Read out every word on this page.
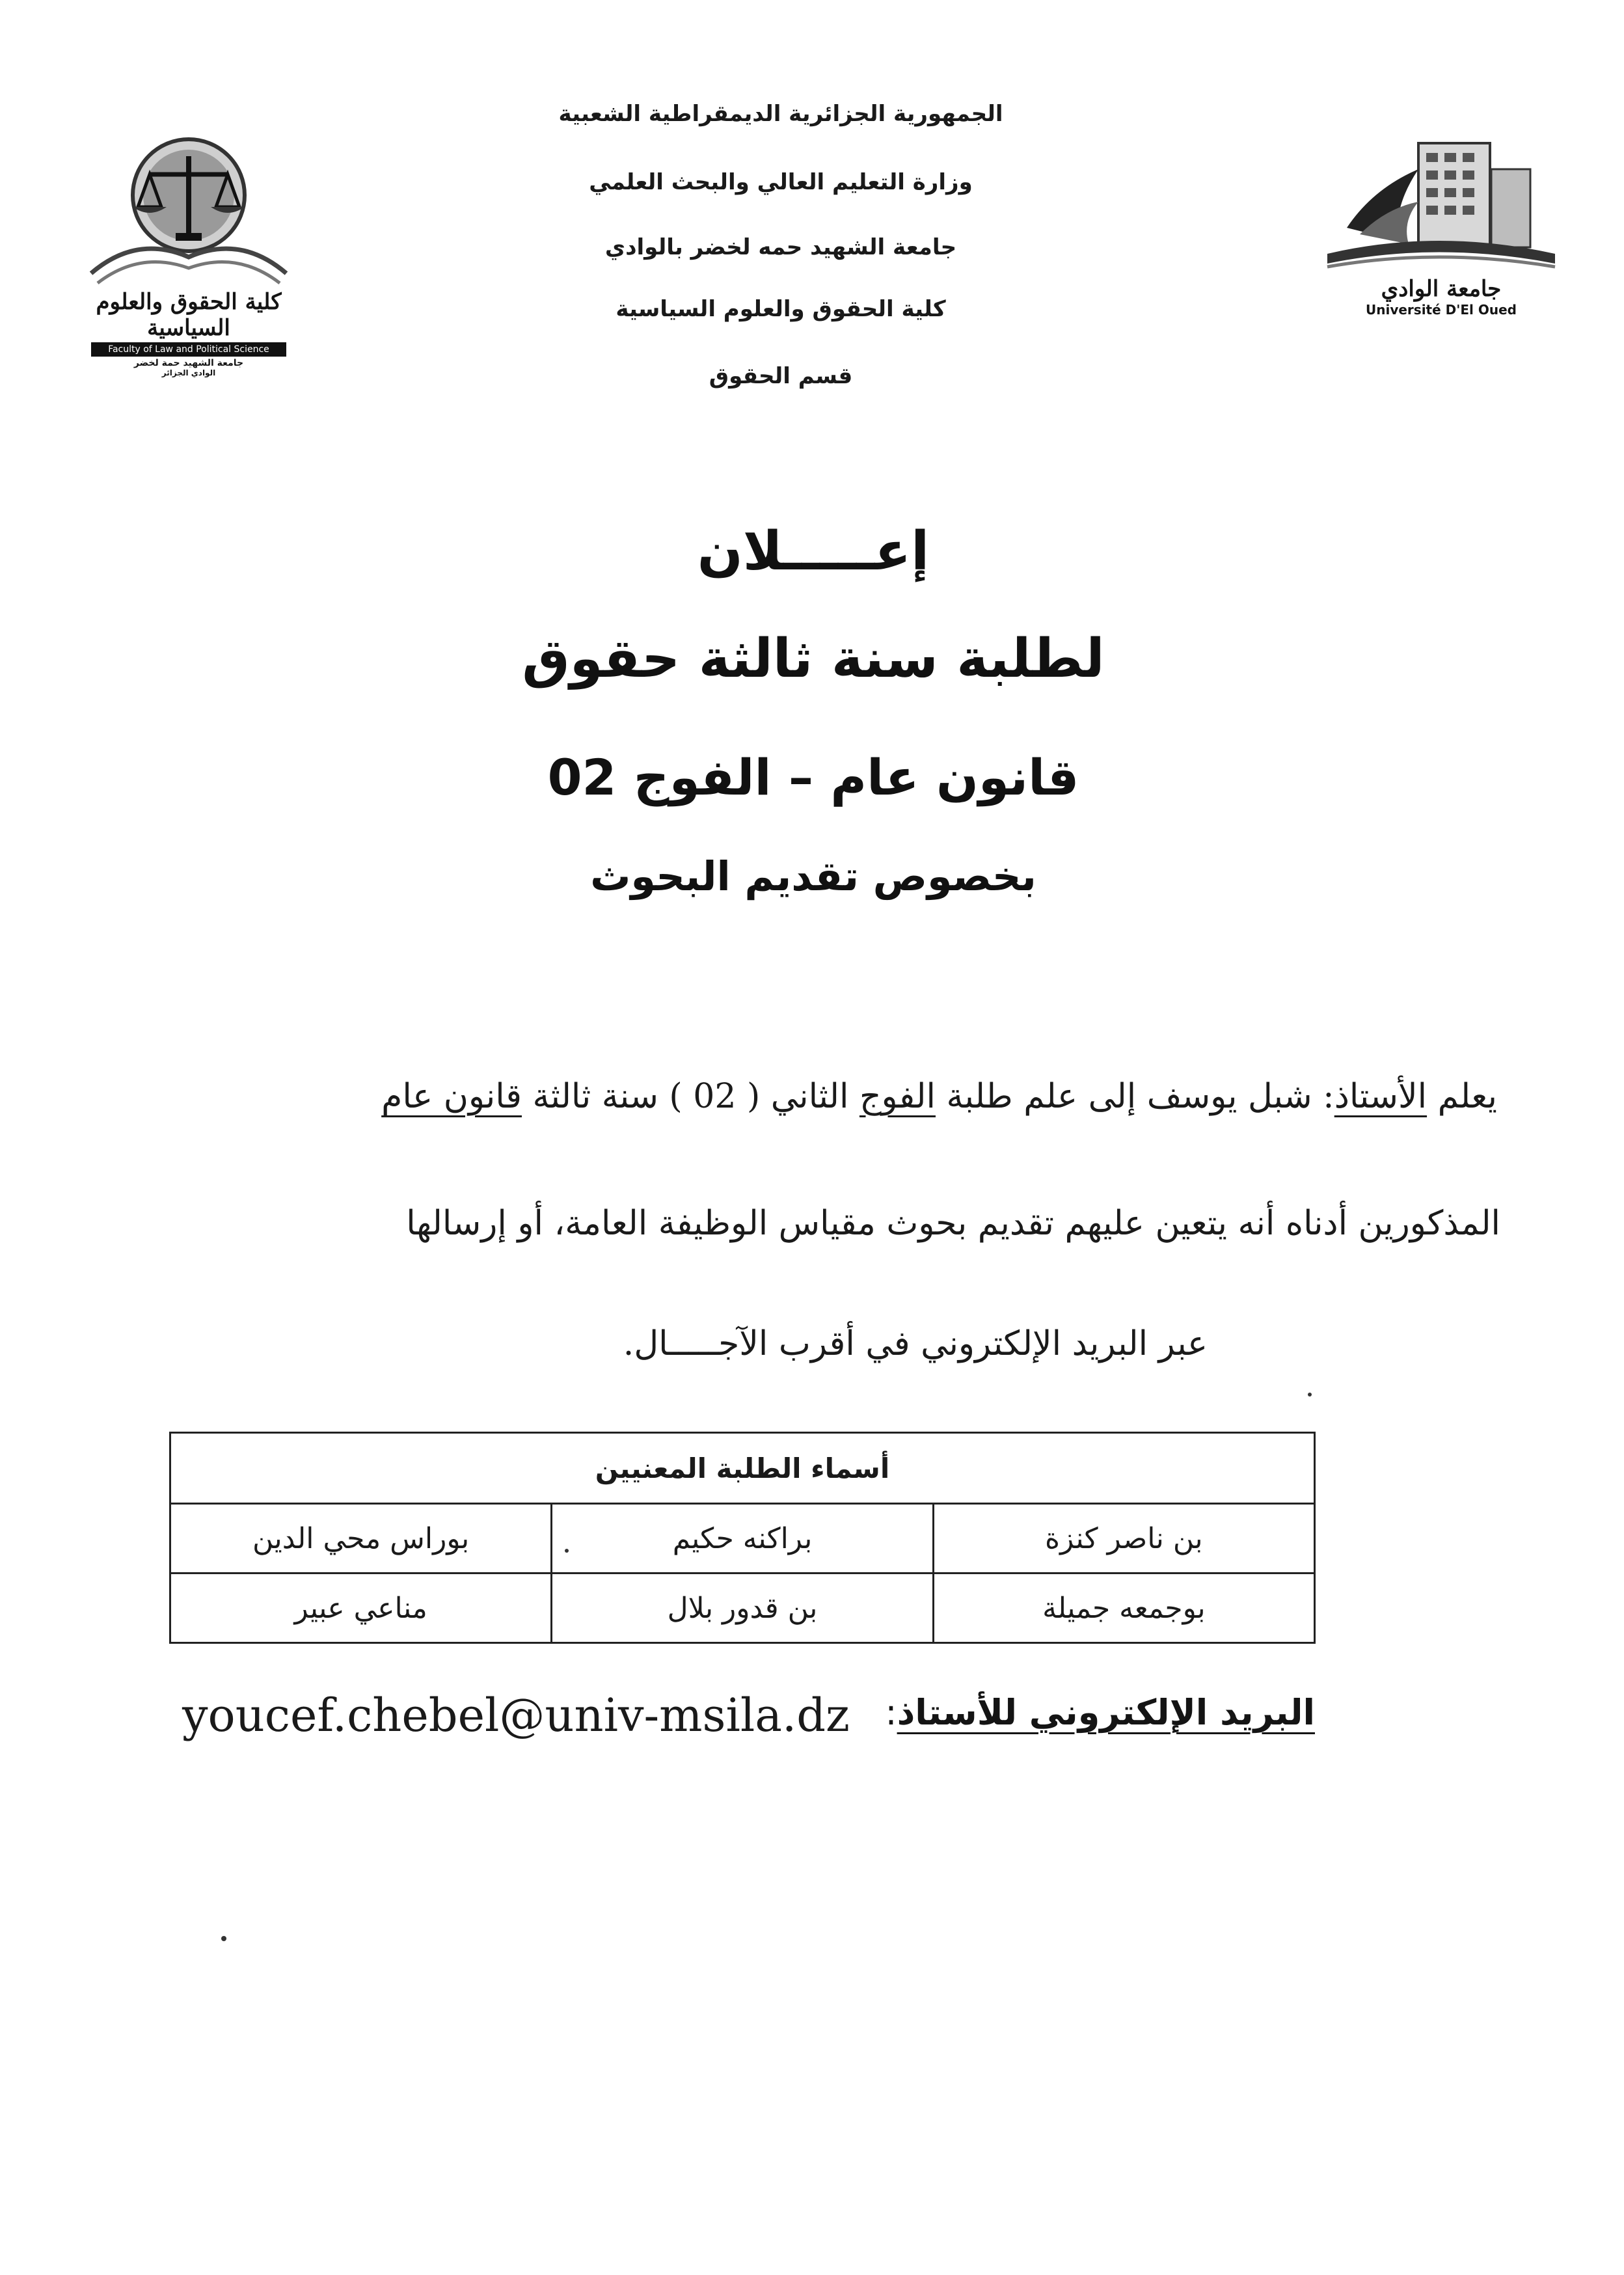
كلية الحقوق والعلوم السياسية
Faculty of Law and Political Science
جامعة الشهيد حمة لخضر
الوادي الجزائر
جامعة الوادي
Université D'El Oued
الجمهورية الجزائرية الديمقراطية الشعبية
وزارة التعليم العالي والبحث العلمي
جامعة الشهيد حمه لخضر بالوادي
كلية الحقوق والعلوم السياسية
قسم الحقوق
إعـــــلان
لطلبة سنة ثالثة حقوق
قانون عام – الفوج 02
بخصوص تقديم البحوث
يعلم الأستاذ: شبل يوسف إلى علم طلبة الفوج الثاني ( 02 ) سنة ثالثة قانون عام
المذكورين أدناه أنه يتعين عليهم تقديم بحوث مقياس الوظيفة العامة، أو إرسالها
عبر البريد الإلكتروني في أقرب الآجـــــال.
أسماء الطلبة المعنيين		
بن ناصر كنزة	براكنه حكيم	بوراس محي الدين
بوجمعه جميلة	بن قدور بلال	مناعي عبير
البريد الإلكتروني للأستاذ:
youcef.chebel@univ-msila.dz
